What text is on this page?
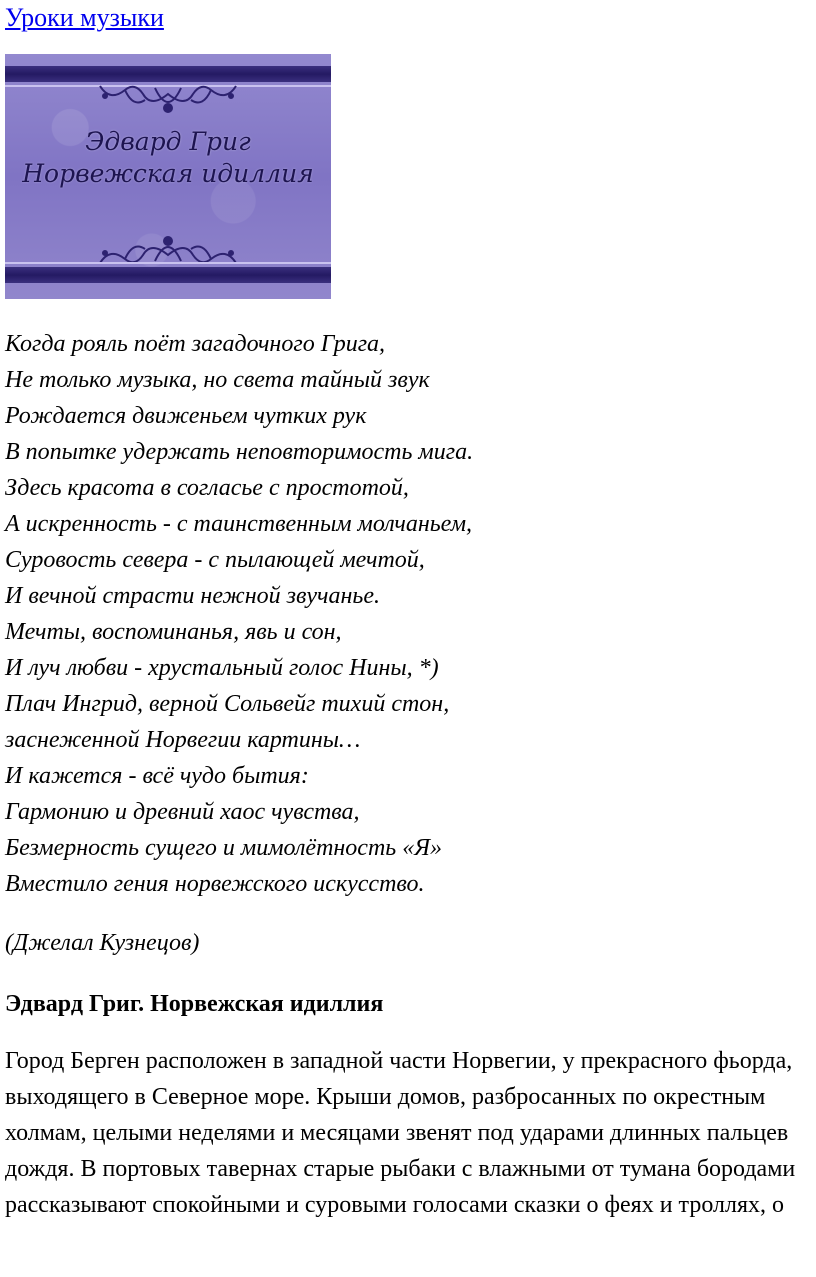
Уроки музыки
Эдвард Григ
Норвежская идиллия
Когда рояль поёт загадочного Грига,
Не только музыка, но света тайный звук
Рождается движеньем чутких рук
В попытке удержать неповторимость мига.
Здесь красота в согласье с простотой,
А искренность - с таинственным молчаньем,
Суровость севера - с пылающей мечтой,
И вечной страсти нежной звучанье.
Мечты, воспоминанья, явь и сон,
И луч любви - хрустальный голос Нины, *)
Плач Ингрид, верной Сольвейг тихий стон,
заснеженной Норвегии картины…
И кажется - всё чудо бытия:
Гармонию и древний хаос чувства,
Безмерность сущего и мимолётность «Я»
Вместило гения норвежского искусство.
(Джелал Кузнецов)
Эдвард Григ. Норвежская идиллия
Город Берген расположен в западной части Норвегии, у прекрасного фьорда, выходящего в Северное море. Крыши домов, разбросанных по окрестным холмам, целыми неделями и месяцами звенят под ударами длинных пальцев дождя. В портовых тавернах старые рыбаки с влажными от тумана бородами рассказывают спокойными и суровыми голосами сказки о феях и троллях, о
